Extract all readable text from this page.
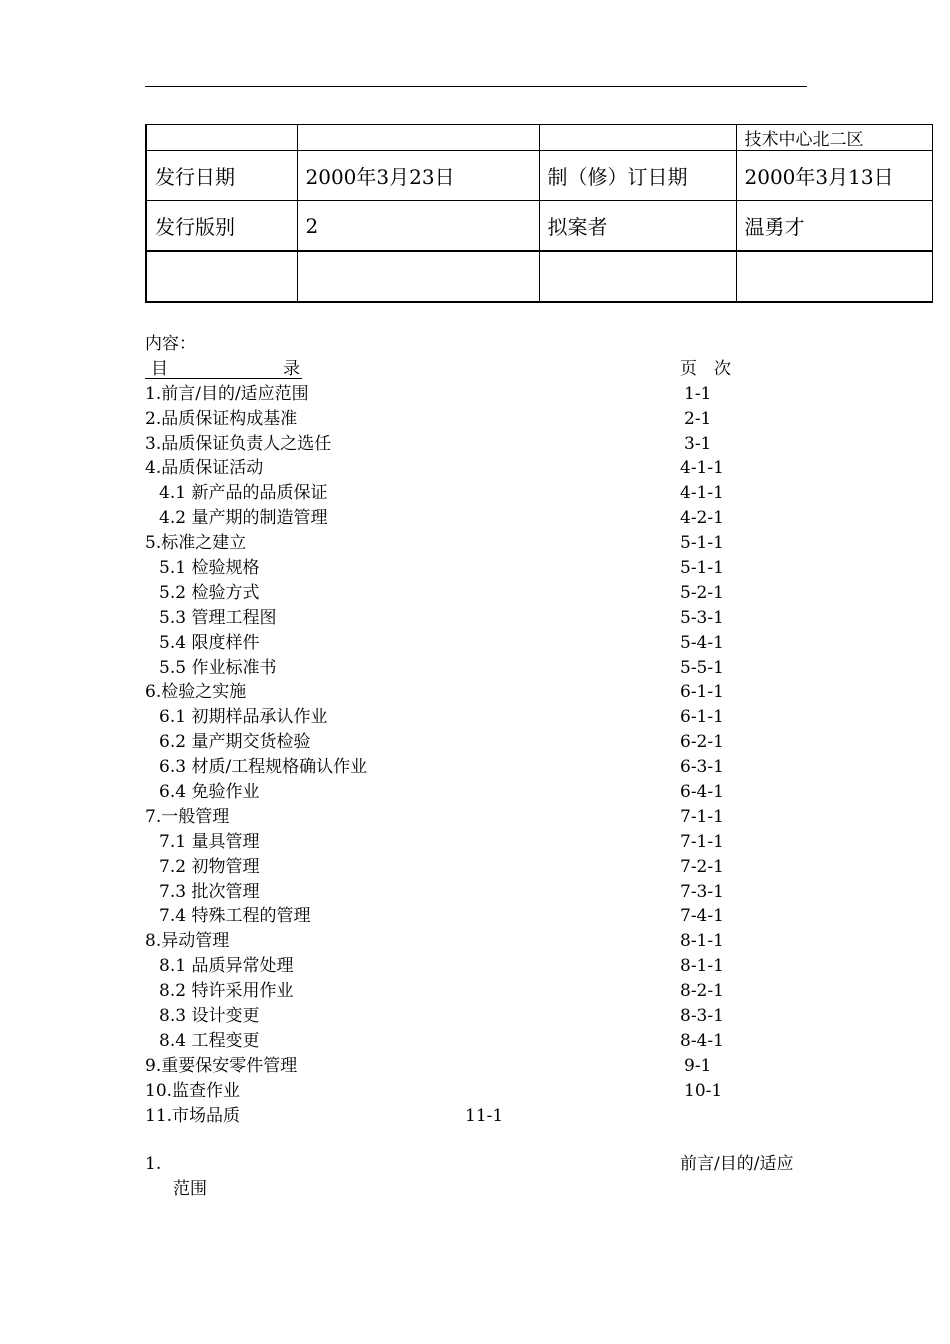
			技术中心北二区
发行日期	2000年3月23日	制（修）订日期	2000年3月13日
发行版别	2	拟案者	温勇才

内容：
目	录	页　次
1.前言/目的/适应范围	1-1
2.品质保证构成基准	2-1
3.品质保证负责人之选任	3-1
4.品质保证活动	4-1-1
4.1 新产品的品质保证	4-1-1
4.2 量产期的制造管理	4-2-1
5.标准之建立	5-1-1
5.1 检验规格	5-1-1
5.2 检验方式	5-2-1
5.3 管理工程图	5-3-1
5.4 限度样件	5-4-1
5.5 作业标准书	5-5-1
6.检验之实施	6-1-1
6.1 初期样品承认作业	6-1-1
6.2 量产期交货检验	6-2-1
6.3 材质/工程规格确认作业	6-3-1
6.4 免验作业	6-4-1
7.一般管理	7-1-1
7.1 量具管理	7-1-1
7.2 初物管理	7-2-1
7.3 批次管理	7-3-1
7.4 特殊工程的管理	7-4-1
8.异动管理	8-1-1
8.1 品质异常处理	8-1-1
8.2 特许采用作业	8-2-1
8.3 设计变更	8-3-1
8.4 工程变更	8-4-1
9.重要保安零件管理	9-1
10.监查作业	10-1
11.市场品质	11-1
1.	前言/目的/适应
范围
